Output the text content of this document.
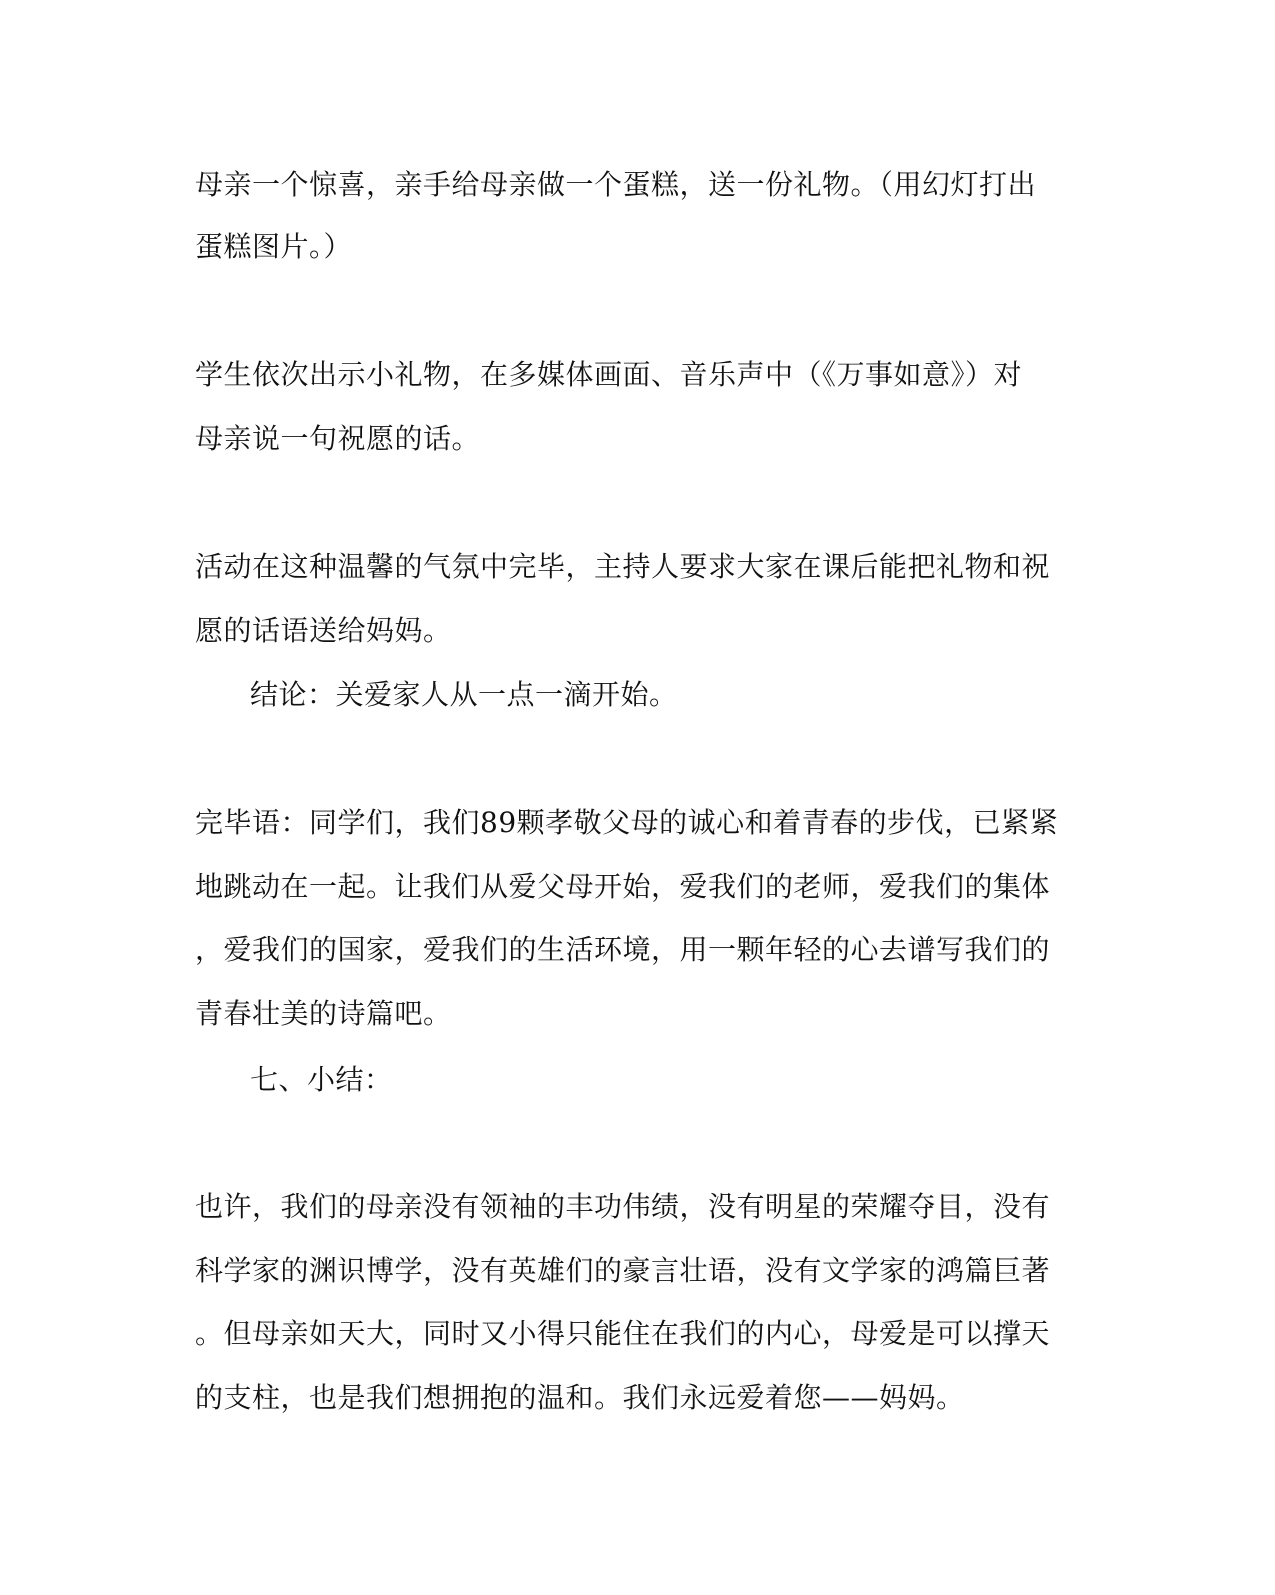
母亲一个惊喜，亲手给母亲做一个蛋糕，送一份礼物。（用幻灯打出
蛋糕图片。）
学生依次出示小礼物，在多媒体画面、音乐声中（《万事如意》）对
母亲说一句祝愿的话。
活动在这种温馨的气氛中完毕，主持人要求大家在课后能把礼物和祝
愿的话语送给妈妈。
结论：关爱家人从一点一滴开始。
完毕语：同学们，我们89颗孝敬父母的诚心和着青春的步伐，已紧紧
地跳动在一起。让我们从爱父母开始，爱我们的老师，爱我们的集体
，爱我们的国家，爱我们的生活环境，用一颗年轻的心去谱写我们的
青春壮美的诗篇吧。
七、小结：
也许，我们的母亲没有领袖的丰功伟绩，没有明星的荣耀夺目，没有
科学家的渊识博学，没有英雄们的豪言壮语，没有文学家的鸿篇巨著
。但母亲如天大，同时又小得只能住在我们的内心，母爱是可以撑天
的支柱，也是我们想拥抱的温和。我们永远爱着您——妈妈。
